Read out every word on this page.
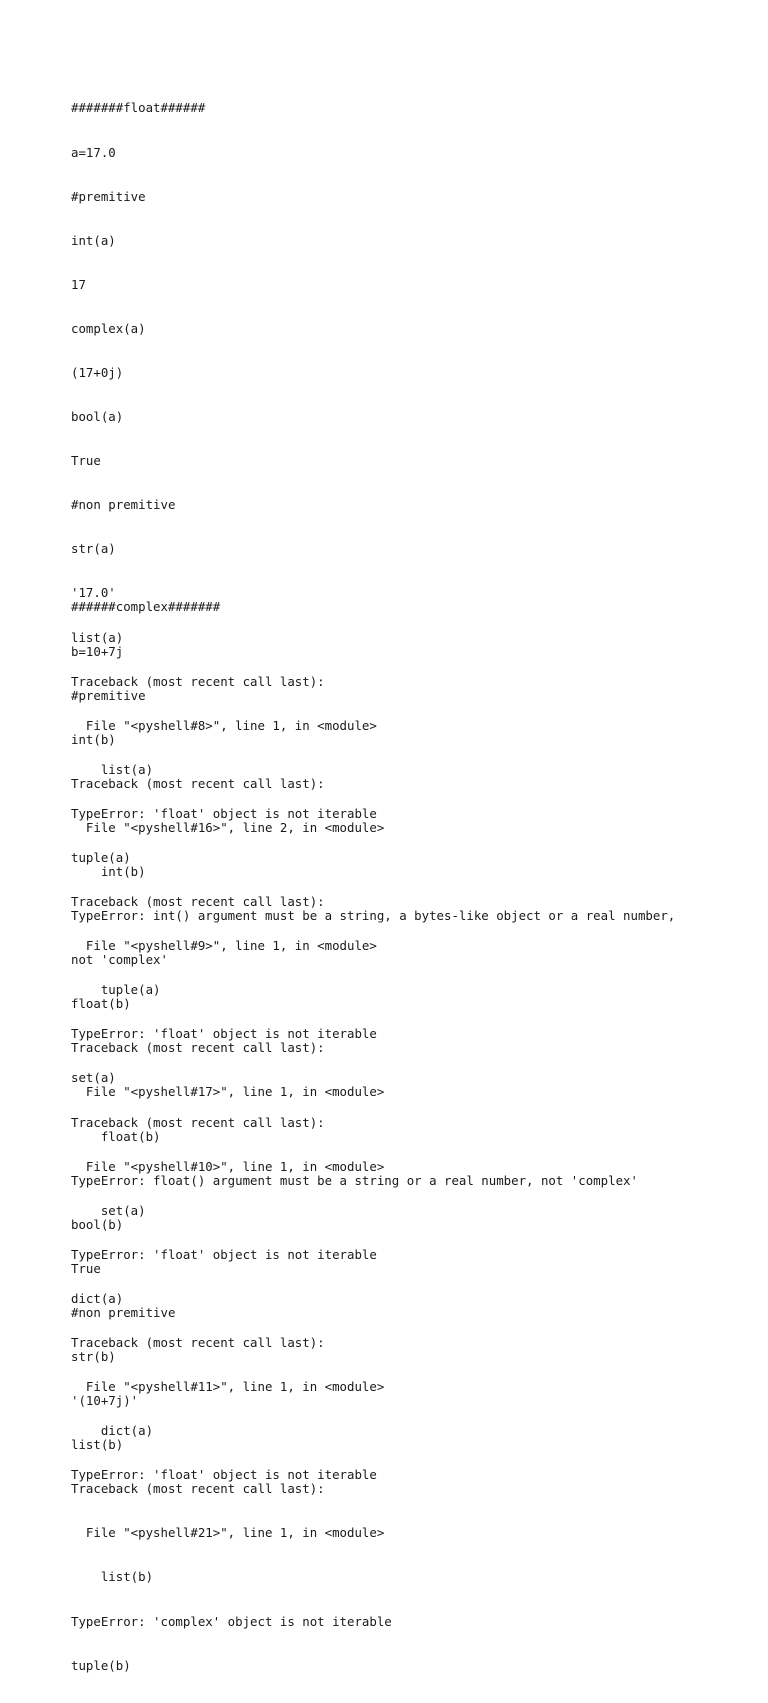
#######float######

a=17.0

#premitive

int(a)

17

complex(a)

(17+0j)

bool(a)

True

#non premitive

str(a)

'17.0'

list(a)

Traceback (most recent call last):

File "<pyshell#8>", line 1, in <module>

list(a)

TypeError: 'float' object is not iterable

tuple(a)

Traceback (most recent call last):

File "<pyshell#9>", line 1, in <module>

tuple(a)

TypeError: 'float' object is not iterable

set(a)

Traceback (most recent call last):

File "<pyshell#10>", line 1, in <module>

set(a)

TypeError: 'float' object is not iterable

dict(a)

Traceback (most recent call last):

File "<pyshell#11>", line 1, in <module>

dict(a)

TypeError: 'float' object is not iterable

######complex#######

b=10+7j

#premitive

int(b)

Traceback (most recent call last):

File "<pyshell#16>", line 2, in <module>

int(b)

TypeError: int() argument must be a string, a bytes-like object or a real number,

not 'complex'

float(b)

Traceback (most recent call last):

File "<pyshell#17>", line 1, in <module>

float(b)

TypeError: float() argument must be a string or a real number, not 'complex'

bool(b)

True

#non premitive

str(b)

'(10+7j)'

list(b)

Traceback (most recent call last):

File "<pyshell#21>", line 1, in <module>

list(b)

TypeError: 'complex' object is not iterable

tuple(b)
